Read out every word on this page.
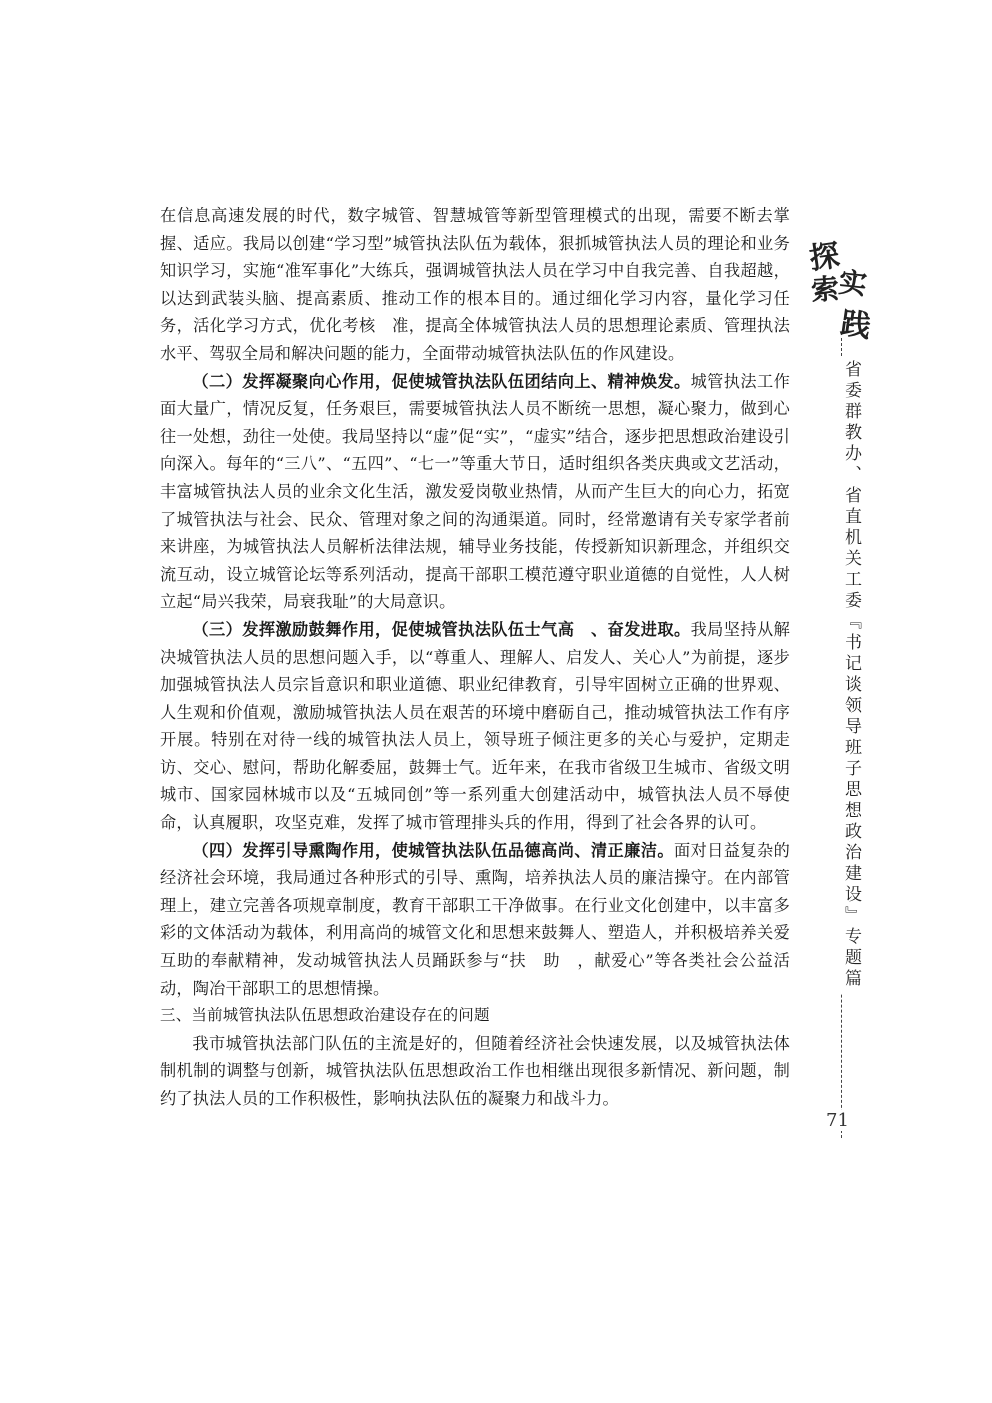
在信息高速发展的时代，数字城管、智慧城管等新型管理模式的出现，需要不断去掌握、适应。我局以创建“学习型”城管执法队伍为载体，狠抓城管执法人员的理论和业务知识学习，实施“准军事化”大练兵，强调城管执法人员在学习中自我完善、自我超越，以达到武装头脑、提高素质、推动工作的根本目的。通过细化学习内容，量化学习任务，活化学习方式，优化考核　准，提高全体城管执法人员的思想理论素质、管理执法水平、驾驭全局和解决问题的能力，全面带动城管执法队伍的作风建设。

（二）发挥凝聚向心作用，促使城管执法队伍团结向上、精神焕发。城管执法工作面大量广，情况反复，任务艰巨，需要城管执法人员不断统一思想，凝心聚力，做到心往一处想，劲往一处使。我局坚持以“虚”促“实”，“虚实”结合，逐步把思想政治建设引向深入。每年的“三八”、“五四”、“七一”等重大节日，适时组织各类庆典或文艺活动，丰富城管执法人员的业余文化生活，激发爱岗敬业热情，从而产生巨大的向心力，拓宽了城管执法与社会、民众、管理对象之间的沟通渠道。同时，经常邀请有关专家学者前来讲座，为城管执法人员解析法律法规，辅导业务技能，传授新知识新理念，并组织交流互动，设立城管论坛等系列活动，提高干部职工模范遵守职业道德的自觉性，人人树立起“局兴我荣，局衰我耻”的大局意识。

（三）发挥激励鼓舞作用，促使城管执法队伍士气高　、奋发进取。我局坚持从解决城管执法人员的思想问题入手，以“尊重人、理解人、启发人、关心人”为前提，逐步加强城管执法人员宗旨意识和职业道德、职业纪律教育，引导牢固树立正确的世界观、人生观和价值观，激励城管执法人员在艰苦的环境中磨砺自己，推动城管执法工作有序开展。特别在对待一线的城管执法人员上，领导班子倾注更多的关心与爱护，定期走访、交心、慰问，帮助化解委屈，鼓舞士气。近年来，在我市省级卫生城市、省级文明城市、国家园林城市以及“五城同创”等一系列重大创建活动中，城管执法人员不辱使命，认真履职，攻坚克难，发挥了城市管理排头兵的作用，得到了社会各界的认可。

（四）发挥引导熏陶作用，使城管执法队伍品德高尚、清正廉洁。面对日益复杂的经济社会环境，我局通过各种形式的引导、熏陶，培养执法人员的廉洁操守。在内部管理上，建立完善各项规章制度，教育干部职工干净做事。在行业文化创建中，以丰富多彩的文体活动为载体，利用高尚的城管文化和思想来鼓舞人、塑造人，并积极培养关爱互助的奉献精神，发动城管执法人员踊跃参与“扶　助　，献爱心”等各类社会公益活动，陶冶干部职工的思想情操。

三、当前城管执法队伍思想政治建设存在的问题

我市城管执法部门队伍的主流是好的，但随着经济社会快速发展，以及城管执法体制机制的调整与创新，城管执法队伍思想政治工作也相继出现很多新情况、新问题，制约了执法人员的工作积极性，影响执法队伍的凝聚力和战斗力。

探
实
索
践
省委群教办、省直机关工委『书记谈领导班子思想政治建设』专题篇
71
